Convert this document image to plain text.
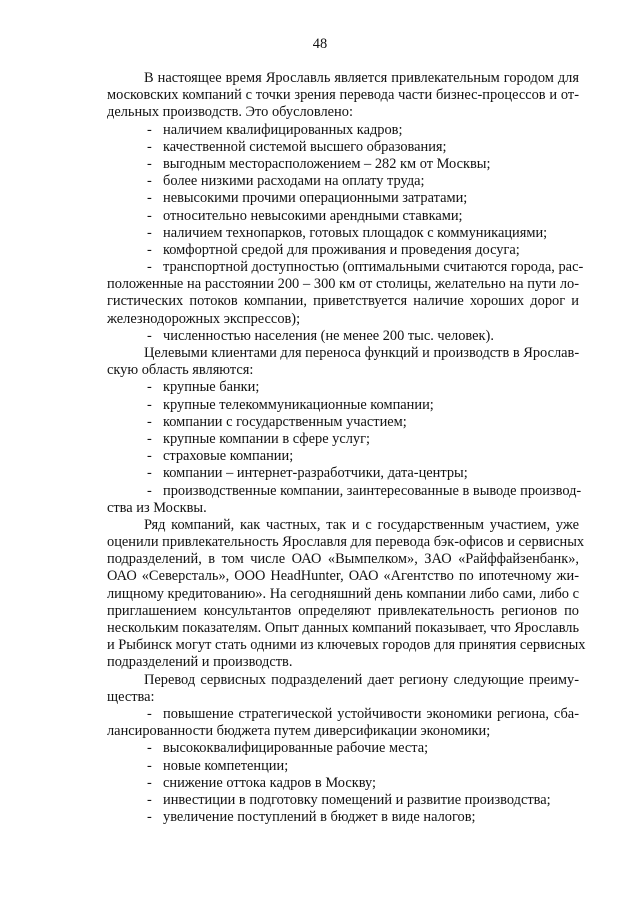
48
В настоящее время Ярославль является привлекательным городом для
московских компаний с точки зрения перевода части бизнес-процессов и от-
дельных производств. Это обусловлено:
- наличием квалифицированных кадров;
- качественной системой высшего образования;
- выгодным месторасположением – 282 км от Москвы;
- более низкими расходами на оплату труда;
- невысокими прочими операционными затратами;
- относительно невысокими арендными ставками;
- наличием технопарков, готовых площадок с коммуникациями;
- комфортной средой для проживания и проведения досуга;
- транспортной доступностью (оптимальными считаются города, рас-
положенные на расстоянии 200 – 300 км от столицы, желательно на пути ло-
гистических потоков компании, приветствуется наличие хороших дорог и
железнодорожных экспрессов);
- численностью населения (не менее 200 тыс. человек).
Целевыми клиентами для переноса функций и производств в Ярослав-
скую область являются:
- крупные банки;
- крупные телекоммуникационные компании;
- компании с государственным участием;
- крупные компании в сфере услуг;
- страховые компании;
- компании – интернет-разработчики, дата-центры;
- производственные компании, заинтересованные в выводе производ-
ства из Москвы.
Ряд компаний, как частных, так и с государственным участием, уже
оценили привлекательность Ярославля для перевода бэк-офисов и сервисных
подразделений, в том числе ОАО «Вымпелком», ЗАО «Райффайзенбанк»,
ОАО «Северсталь», ООО HeadHunter, ОАО «Агентство по ипотечному жи-
лищному кредитованию». На сегодняшний день компании либо сами, либо с
приглашением консультантов определяют привлекательность регионов по
нескольким показателям. Опыт данных компаний показывает, что Ярославль
и Рыбинск могут стать одними из ключевых городов для принятия сервисных
подразделений и производств.
Перевод сервисных подразделений дает региону следующие преиму-
щества:
- повышение стратегической устойчивости экономики региона, сба-
лансированности бюджета путем диверсификации экономики;
- высококвалифицированные рабочие места;
- новые компетенции;
- снижение оттока кадров в Москву;
- инвестиции в подготовку помещений и развитие производства;
- увеличение поступлений в бюджет в виде налогов;
